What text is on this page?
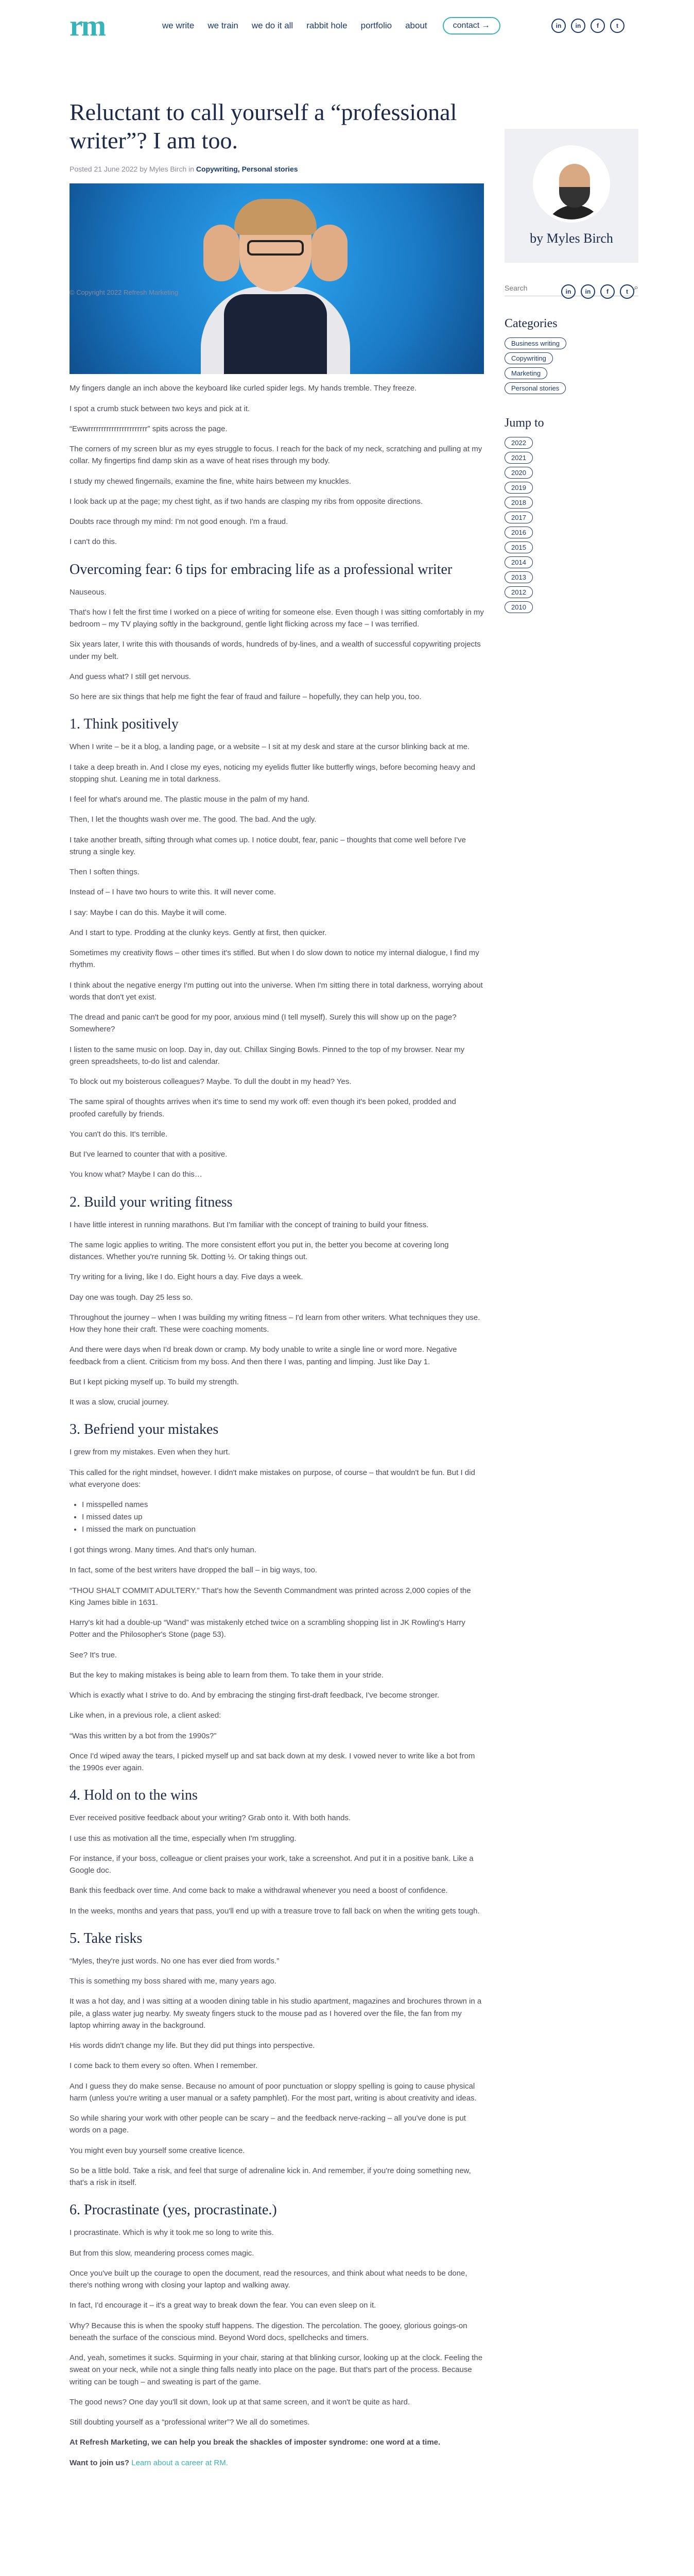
rm	we write we train we do it all rabbit hole portfolio about	contact →	in	in	f	t
Reluctant to call yourself a “professional writer”? I am too.
Posted 21 June 2022 by Myles Birch in Copywriting, Personal stories

My fingers dangle an inch above the keyboard like curled spider legs. My hands tremble. They freeze.

I spot a crumb stuck between two keys and pick at it.

“Ewwrrrrrrrrrrrrrrrrrrrrrrr” spits across the page.

The corners of my screen blur as my eyes struggle to focus. I reach for the back of my neck, scratching and pulling at my collar. My fingertips find damp skin as a wave of heat rises through my body.

I study my chewed fingernails, examine the fine, white hairs between my knuckles.

I look back up at the page; my chest tight, as if two hands are clasping my ribs from opposite directions.

Doubts race through my mind: I'm not good enough. I'm a fraud.

I can't do this.

Overcoming fear: 6 tips for embracing life as a professional writer

Nauseous.

That's how I felt the first time I worked on a piece of writing for someone else. Even though I was sitting comfortably in my bedroom – my TV playing softly in the background, gentle light flicking across my face – I was terrified.

Six years later, I write this with thousands of words, hundreds of by-lines, and a wealth of successful copywriting projects under my belt.

And guess what? I still get nervous.

So here are six things that help me fight the fear of fraud and failure – hopefully, they can help you, too.

1. Think positively

When I write – be it a blog, a landing page, or a website – I sit at my desk and stare at the cursor blinking back at me.

I take a deep breath in. And I close my eyes, noticing my eyelids flutter like butterfly wings, before becoming heavy and stopping shut. Leaning me in total darkness.

I feel for what's around me. The plastic mouse in the palm of my hand.

Then, I let the thoughts wash over me. The good. The bad. And the ugly.

I take another breath, sifting through what comes up. I notice doubt, fear, panic – thoughts that come well before I've strung a single key.

Then I soften things.

Instead of – I have two hours to write this. It will never come.

I say: Maybe I can do this. Maybe it will come.

And I start to type. Prodding at the clunky keys. Gently at first, then quicker.

Sometimes my creativity flows – other times it's stifled. But when I do slow down to notice my internal dialogue, I find my rhythm.

I think about the negative energy I'm putting out into the universe. When I'm sitting there in total darkness, worrying about words that don't yet exist.

The dread and panic can't be good for my poor, anxious mind (I tell myself). Surely this will show up on the page? Somewhere?

I listen to the same music on loop. Day in, day out. Chillax Singing Bowls. Pinned to the top of my browser. Near my green spreadsheets, to-do list and calendar.

To block out my boisterous colleagues? Maybe. To dull the doubt in my head? Yes.

The same spiral of thoughts arrives when it's time to send my work off: even though it's been poked, prodded and proofed carefully by friends.

You can't do this. It's terrible.

But I've learned to counter that with a positive.

You know what? Maybe I can do this…

2. Build your writing fitness

I have little interest in running marathons. But I'm familiar with the concept of training to build your fitness.

The same logic applies to writing. The more consistent effort you put in, the better you become at covering long distances. Whether you're running 5k. Dotting ½. Or taking things out.

Try writing for a living, like I do. Eight hours a day. Five days a week.

Day one was tough. Day 25 less so.

Throughout the journey – when I was building my writing fitness – I'd learn from other writers. What techniques they use. How they hone their craft. These were coaching moments.

And there were days when I'd break down or cramp. My body unable to write a single line or word more. Negative feedback from a client. Criticism from my boss. And then there I was, panting and limping. Just like Day 1.

But I kept picking myself up. To build my strength.

It was a slow, crucial journey.

3. Befriend your mistakes

I grew from my mistakes. Even when they hurt.

This called for the right mindset, however. I didn't make mistakes on purpose, of course – that wouldn't be fun. But I did what everyone does:

• I misspelled names
• I missed dates up
• I missed the mark on punctuation

I got things wrong. Many times. And that's only human.

In fact, some of the best writers have dropped the ball – in big ways, too.

“THOU SHALT COMMIT ADULTERY.” That's how the Seventh Commandment was printed across 2,000 copies of the King James bible in 1631.

Harry's kit had a double-up “Wand” was mistakenly etched twice on a scrambling shopping list in JK Rowling's Harry Potter and the Philosopher's Stone (page 53).

See? It's true.

But the key to making mistakes is being able to learn from them. To take them in your stride.

Which is exactly what I strive to do. And by embracing the stinging first-draft feedback, I've become stronger.

Like when, in a previous role, a client asked:

“Was this written by a bot from the 1990s?”

Once I'd wiped away the tears, I picked myself up and sat back down at my desk. I vowed never to write like a bot from the 1990s ever again.

4. Hold on to the wins

Ever received positive feedback about your writing? Grab onto it. With both hands.

I use this as motivation all the time, especially when I'm struggling.

For instance, if your boss, colleague or client praises your work, take a screenshot. And put it in a positive bank. Like a Google doc.

Bank this feedback over time. And come back to make a withdrawal whenever you need a boost of confidence.

In the weeks, months and years that pass, you'll end up with a treasure trove to fall back on when the writing gets tough.

5. Take risks

“Myles, they're just words. No one has ever died from words.”

This is something my boss shared with me, many years ago.

It was a hot day, and I was sitting at a wooden dining table in his studio apartment, magazines and brochures thrown in a pile, a glass water jug nearby. My sweaty fingers stuck to the mouse pad as I hovered over the file, the fan from my laptop whirring away in the background.

His words didn't change my life. But they did put things into perspective.

I come back to them every so often. When I remember.

And I guess they do make sense. Because no amount of poor punctuation or sloppy spelling is going to cause physical harm (unless you're writing a user manual or a safety pamphlet). For the most part, writing is about creativity and ideas.

So while sharing your work with other people can be scary – and the feedback nerve-racking – all you've done is put words on a page.

You might even buy yourself some creative licence.

So be a little bold. Take a risk, and feel that surge of adrenaline kick in. And remember, if you're doing something new, that's a risk in itself.

6. Procrastinate (yes, procrastinate.)

I procrastinate. Which is why it took me so long to write this.

But from this slow, meandering process comes magic.

Once you've built up the courage to open the document, read the resources, and think about what needs to be done, there's nothing wrong with closing your laptop and walking away.

In fact, I'd encourage it – it's a great way to break down the fear. You can even sleep on it.

Why? Because this is when the spooky stuff happens. The digestion. The percolation. The gooey, glorious goings-on beneath the surface of the conscious mind. Beyond Word docs, spellchecks and timers.

And, yeah, sometimes it sucks. Squirming in your chair, staring at that blinking cursor, looking up at the clock. Feeling the sweat on your neck, while not a single thing falls neatly into place on the page. But that's part of the process. Because writing can be tough – and sweating is part of the game.

The good news? One day you'll sit down, look up at that same screen, and it won't be quite as hard.

Still doubting yourself as a “professional writer”? We all do sometimes.

At Refresh Marketing, we can help you break the shackles of imposter syndrome: one word at a time.

Want to join us? Learn about a career at RM.

by Myles Birch
Search
⌕
Categories
Business writing
Copywriting
Marketing
Personal stories
Jump to
2022
2021
2020
2019
2018
2017
2016
2015
2014
2013
2012
2010

© Copyright 2022 Refresh Marketing	in	in	f	t
